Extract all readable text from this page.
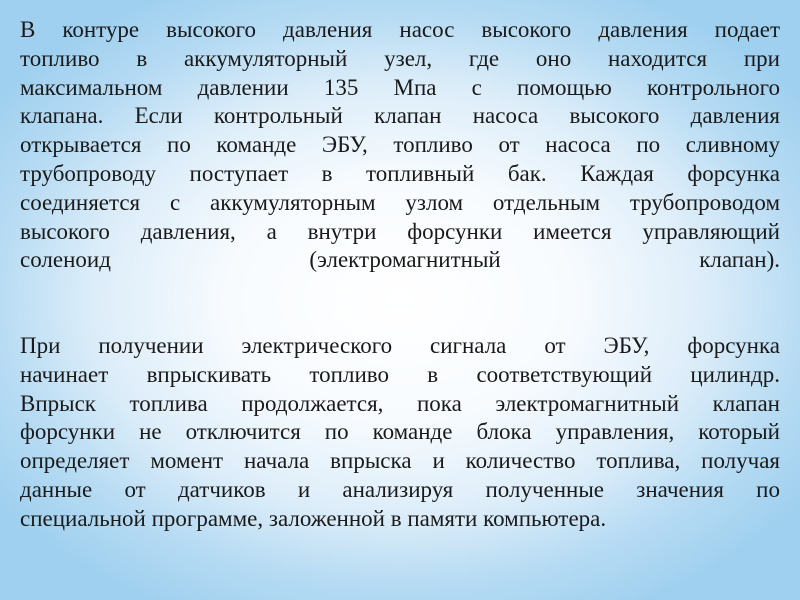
В контуре высокого давления насос высокого давления подает
топливо в аккумуляторный узел, где оно находится при
максимальном давлении 135 Мпа с помощью контрольного
клапана. Если контрольный клапан насоса высокого давления
открывается по команде ЭБУ, топливо от насоса по сливному
трубопроводу поступает в топливный бак. Каждая форсунка
соединяется с аккумуляторным узлом отдельным трубопроводом
высокого давления, а внутри форсунки имеется управляющий
соленоид (электромагнитный клапан).
При получении электрического сигнала от ЭБУ, форсунка
начинает впрыскивать топливо в соответствующий цилиндр.
Впрыск топлива продолжается, пока электромагнитный клапан
форсунки не отключится по команде блока управления, который
определяет момент начала впрыска и количество топлива, получая
данные от датчиков и анализируя полученные значения по
специальной программе, заложенной в памяти компьютера.
